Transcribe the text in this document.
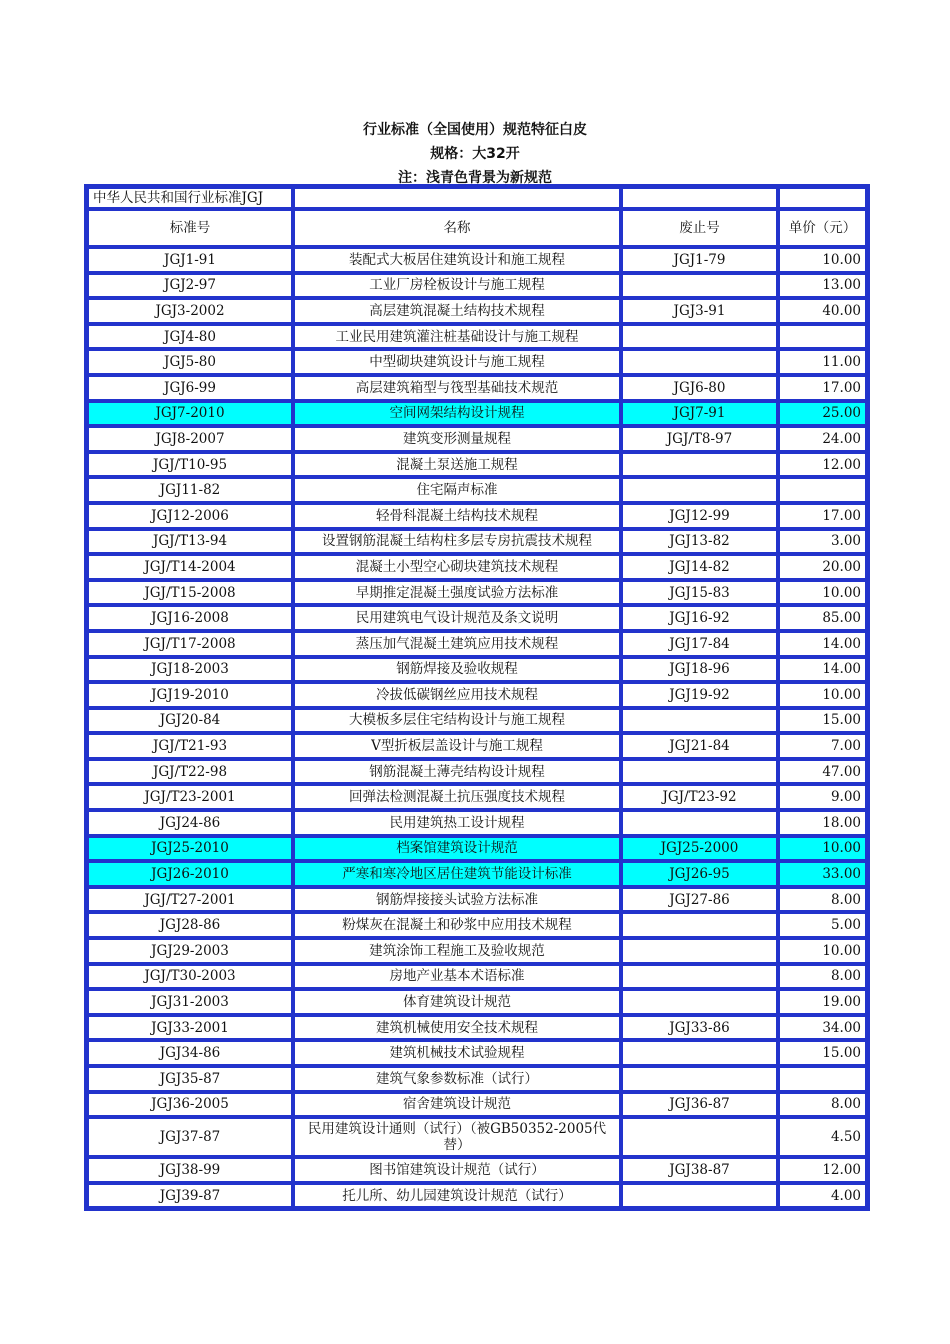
行业标准（全国使用）规范特征白皮
规格：大32开
注：浅青色背景为新规范
中华人民共和国行业标准JGJ			
标准号	名称	废止号	单价（元）
JGJ1-91	装配式大板居住建筑设计和施工规程	JGJ1-79	10.00
JGJ2-97	工业厂房栓板设计与施工规程		13.00
JGJ3-2002	高层建筑混凝土结构技术规程	JGJ3-91	40.00
JGJ4-80	工业民用建筑灌注桩基础设计与施工规程		
JGJ5-80	中型砌块建筑设计与施工规程		11.00
JGJ6-99	高层建筑箱型与筏型基础技术规范	JGJ6-80	17.00
JGJ7-2010	空间网架结构设计规程	JGJ7-91	25.00
JGJ8-2007	建筑变形测量规程	JGJ/T8-97	24.00
JGJ/T10-95	混凝土泵送施工规程		12.00
JGJ11-82	住宅隔声标准		
JGJ12-2006	轻骨科混凝土结构技术规程	JGJ12-99	17.00
JGJ/T13-94	设置钢筋混凝土结构柱多层专房抗震技术规程	JGJ13-82	3.00
JGJ/T14-2004	混凝土小型空心砌块建筑技术规程	JGJ14-82	20.00
JGJ/T15-2008	早期推定混凝土强度试验方法标准	JGJ15-83	10.00
JGJ16-2008	民用建筑电气设计规范及条文说明	JGJ16-92	85.00
JGJ/T17-2008	蒸压加气混凝土建筑应用技术规程	JGJ17-84	14.00
JGJ18-2003	钢筋焊接及验收规程	JGJ18-96	14.00
JGJ19-2010	冷拔低碳钢丝应用技术规程	JGJ19-92	10.00
JGJ20-84	大模板多层住宅结构设计与施工规程		15.00
JGJ/T21-93	V型折板层盖设计与施工规程	JGJ21-84	7.00
JGJ/T22-98	钢筋混凝土薄壳结构设计规程		47.00
JGJ/T23-2001	回弹法检测混凝土抗压强度技术规程	JGJ/T23-92	9.00
JGJ24-86	民用建筑热工设计规程		18.00
JGJ25-2010	档案馆建筑设计规范	JGJ25-2000	10.00
JGJ26-2010	严寒和寒冷地区居住建筑节能设计标准	JGJ26-95	33.00
JGJ/T27-2001	钢筋焊接接头试验方法标准	JGJ27-86	8.00
JGJ28-86	粉煤灰在混凝土和砂浆中应用技术规程		5.00
JGJ29-2003	建筑涂饰工程施工及验收规范		10.00
JGJ/T30-2003	房地产业基本术语标准		8.00
JGJ31-2003	体育建筑设计规范		19.00
JGJ33-2001	建筑机械使用安全技术规程	JGJ33-86	34.00
JGJ34-86	建筑机械技术试验规程		15.00
JGJ35-87	建筑气象参数标准（试行）		
JGJ36-2005	宿舍建筑设计规范	JGJ36-87	8.00
JGJ37-87	民用建筑设计通则（试行）（被GB50352-2005代替）		4.50
JGJ38-99	图书馆建筑设计规范（试行）	JGJ38-87	12.00
JGJ39-87	托儿所、幼儿园建筑设计规范（试行）		4.00
